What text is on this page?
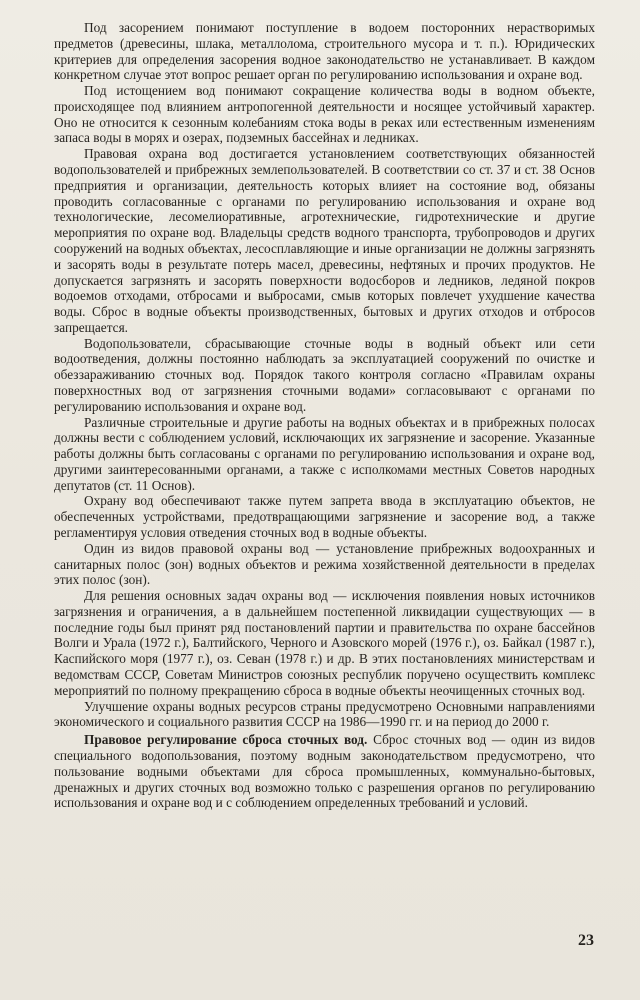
Под засорением понимают поступление в водоем посторонних нерастворимых предметов (древесины, шлака, металлолома, строительного мусора и т. п.). Юридических критериев для определения засорения водное законодательство не устанавливает. В каждом конкретном случае этот вопрос решает орган по регулированию использования и охране вод.

Под истощением вод понимают сокращение количества воды в водном объекте, происходящее под влиянием антропогенной деятельности и носящее устойчивый характер. Оно не относится к сезонным колебаниям стока воды в реках или естественным изменениям запаса воды в морях и озерах, подземных бассейнах и ледниках.

Правовая охрана вод достигается установлением соответствующих обязанностей водопользователей и прибрежных землепользователей. В соответствии со ст. 37 и ст. 38 Основ предприятия и организации, деятельность которых влияет на состояние вод, обязаны проводить согласованные с органами по регулированию использования и охране вод технологические, лесомелиоративные, агротехнические, гидротехнические и другие мероприятия по охране вод. Владельцы средств водного транспорта, трубопроводов и других сооружений на водных объектах, лесосплавляющие и иные организации не должны загрязнять и засорять воды в результате потерь масел, древесины, нефтяных и прочих продуктов. Не допускается загрязнять и засорять поверхности водосборов и ледников, ледяной покров водоемов отходами, отбросами и выбросами, смыв которых повлечет ухудшение качества воды. Сброс в водные объекты производственных, бытовых и других отходов и отбросов запрещается.

Водопользователи, сбрасывающие сточные воды в водный объект или сети водоотведения, должны постоянно наблюдать за эксплуатацией сооружений по очистке и обеззараживанию сточных вод. Порядок такого контроля согласно «Правилам охраны поверхностных вод от загрязнения сточными водами» согласовывают с органами по регулированию использования и охране вод.

Различные строительные и другие работы на водных объектах и в прибрежных полосах должны вести с соблюдением условий, исключающих их загрязнение и засорение. Указанные работы должны быть согласованы с органами по регулированию использования и охране вод, другими заинтересованными органами, а также с исполкомами местных Советов народных депутатов (ст. 11 Основ).

Охрану вод обеспечивают также путем запрета ввода в эксплуатацию объектов, не обеспеченных устройствами, предотвращающими загрязнение и засорение вод, а также регламентируя условия отведения сточных вод в водные объекты.

Один из видов правовой охраны вод — установление прибрежных водоохранных и санитарных полос (зон) водных объектов и режима хозяйственной деятельности в пределах этих полос (зон).

Для решения основных задач охраны вод — исключения появления новых источников загрязнения и ограничения, а в дальнейшем постепенной ликвидации существующих — в последние годы был принят ряд постановлений партии и правительства по охране бассейнов Волги и Урала (1972 г.), Балтийского, Черного и Азовского морей (1976 г.), оз. Байкал (1987 г.), Каспийского моря (1977 г.), оз. Севан (1978 г.) и др. В этих постановлениях министерствам и ведомствам СССР, Советам Министров союзных республик поручено осуществить комплекс мероприятий по полному прекращению сброса в водные объекты неочищенных сточных вод.

Улучшение охраны водных ресурсов страны предусмотрено Основными направлениями экономического и социального развития СССР на 1986—1990 гг. и на период до 2000 г.

Правовое регулирование сброса сточных вод. Сброс сточных вод — один из видов специального водопользования, поэтому водным законодательством предусмотрено, что пользование водными объектами для сброса промышленных, коммунально-бытовых, дренажных и других сточных вод возможно только с разрешения органов по регулированию использования и охране вод и с соблюдением определенных требований и условий.

23
